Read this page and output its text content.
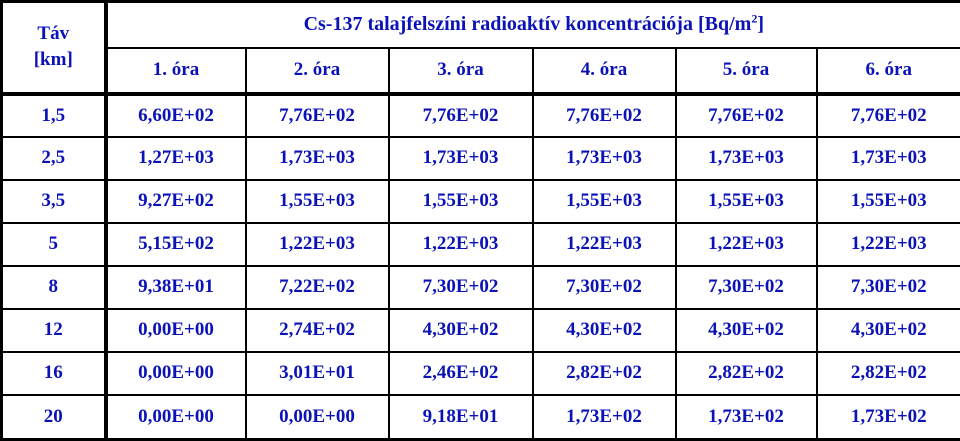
Táv
[km]	Cs-137 talajfelszíni radioaktív koncentrációja $[Bq/m^2]$					
	1. óra	2. óra	3. óra	4. óra	5. óra	6. óra
1,5	6,60E+02	7,76E+02	7,76E+02	7,76E+02	7,76E+02	7,76E+02
2,5	1,27E+03	1,73E+03	1,73E+03	1,73E+03	1,73E+03	1,73E+03
3,5	9,27E+02	1,55E+03	1,55E+03	1,55E+03	1,55E+03	1,55E+03
5	5,15E+02	1,22E+03	1,22E+03	1,22E+03	1,22E+03	1,22E+03
8	9,38E+01	7,22E+02	7,30E+02	7,30E+02	7,30E+02	7,30E+02
12	0,00E+00	2,74E+02	4,30E+02	4,30E+02	4,30E+02	4,30E+02
16	0,00E+00	3,01E+01	2,46E+02	2,82E+02	2,82E+02	2,82E+02
20	0,00E+00	0,00E+00	9,18E+01	1,73E+02	1,73E+02	1,73E+02
